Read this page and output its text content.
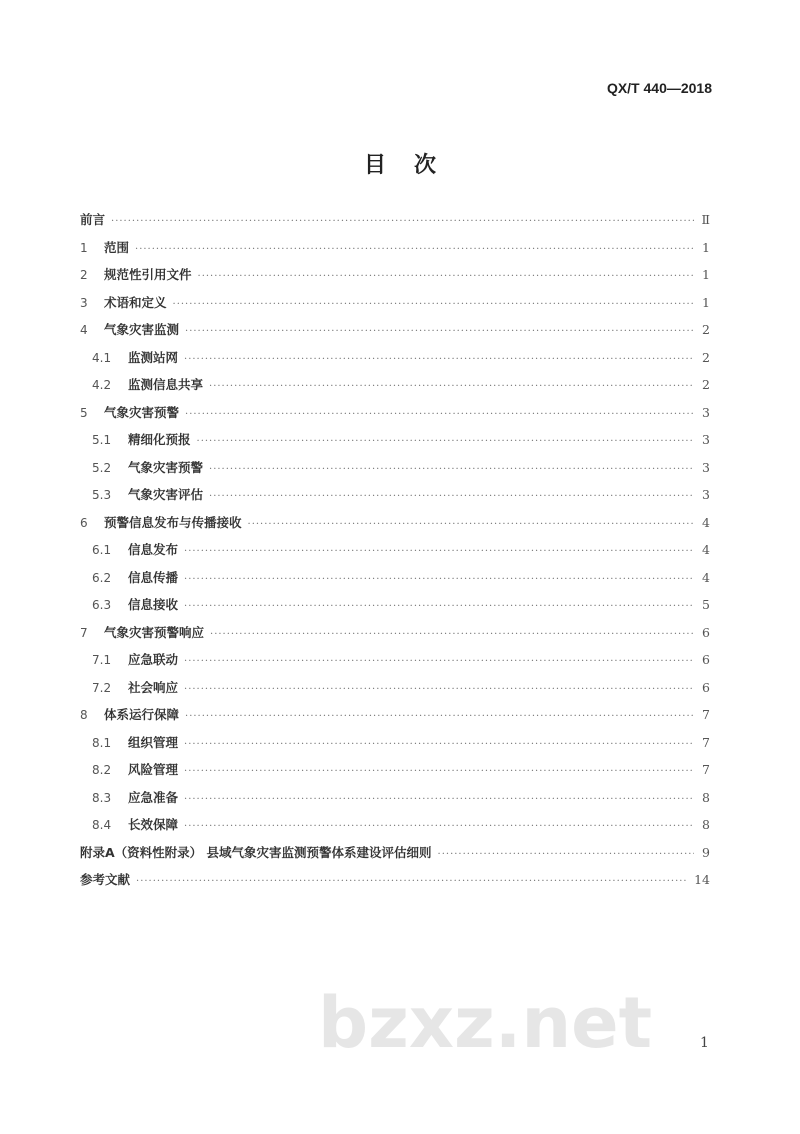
QX/T 440—2018
目次
前言 ·····	Ⅱ
1	范围 ·····	1
2	规范性引用文件 ·····	1
3	术语和定义 ·····	1
4	气象灾害监测 ·····	2
4.1	监测站网 ·····	2
4.2	监测信息共享 ·····	2
5	气象灾害预警 ·····	3
5.1	精细化预报 ·····	3
5.2	气象灾害预警 ·····	3
5.3	气象灾害评估 ·····	3
6	预警信息发布与传播接收 ·····	4
6.1	信息发布 ·····	4
6.2	信息传播 ·····	4
6.3	信息接收 ·····	5
7	气象灾害预警响应 ·····	6
7.1	应急联动 ·····	6
7.2	社会响应 ·····	6
8	体系运行保障 ·····	7
8.1	组织管理 ·····	7
8.2	风险管理 ·····	7
8.3	应急准备 ·····	8
8.4	长效保障 ·····	8
附录A（资料性附录） 县域气象灾害监测预警体系建设评估细则 ·····	9
参考文献 ·····	14
bzxz.net	1
